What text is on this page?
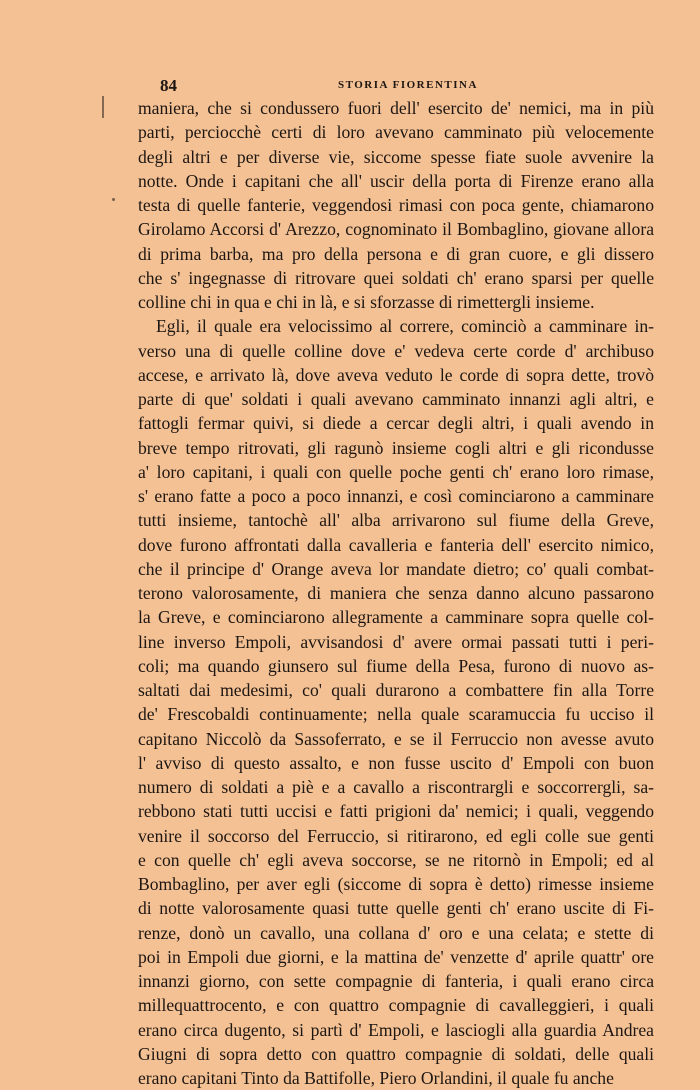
84	STORIA FIORENTINA
maniera, che si condussero fuori dell' esercito de' nemici, ma in più
parti, perciocchè certi di loro avevano camminato più velocemente
degli altri e per diverse vie, siccome spesse fiate suole avvenire la
notte. Onde i capitani che all' uscir della porta di Firenze erano alla
testa di quelle fanterie, veggendosi rimasi con poca gente, chiamarono
Girolamo Accorsi d' Arezzo, cognominato il Bombaglino, giovane allora
di prima barba, ma pro della persona e di gran cuore, e gli dissero
che s' ingegnasse di ritrovare quei soldati ch' erano sparsi per quelle
colline chi in qua e chi in là, e si sforzasse di rimettergli insieme.
Egli, il quale era velocissimo al correre, cominciò a camminare in-
verso una di quelle colline dove e' vedeva certe corde d' archibuso
accese, e arrivato là, dove aveva veduto le corde di sopra dette, trovò
parte di que' soldati i quali avevano camminato innanzi agli altri, e
fattogli fermar quivi, si diede a cercar degli altri, i quali avendo in
breve tempo ritrovati, gli ragunò insieme cogli altri e gli ricondusse
a' loro capitani, i quali con quelle poche genti ch' erano loro rimase,
s' erano fatte a poco a poco innanzi, e così cominciarono a camminare
tutti insieme, tantochè all' alba arrivarono sul fiume della Greve,
dove furono affrontati dalla cavalleria e fanteria dell' esercito nimico,
che il principe d' Orange aveva lor mandate dietro; co' quali combat-
terono valorosamente, di maniera che senza danno alcuno passarono
la Greve, e cominciarono allegramente a camminare sopra quelle col-
line inverso Empoli, avvisandosi d' avere ormai passati tutti i peri-
coli; ma quando giunsero sul fiume della Pesa, furono di nuovo as-
saltati dai medesimi, co' quali durarono a combattere fin alla Torre
de' Frescobaldi continuamente; nella quale scaramuccia fu ucciso il
capitano Niccolò da Sassoferrato, e se il Ferruccio non avesse avuto
l' avviso di questo assalto, e non fusse uscito d' Empoli con buon
numero di soldati a piè e a cavallo a riscontrargli e soccorrergli, sa-
rebbono stati tutti uccisi e fatti prigioni da' nemici; i quali, veggendo
venire il soccorso del Ferruccio, si ritirarono, ed egli colle sue genti
e con quelle ch' egli aveva soccorse, se ne ritornò in Empoli; ed al
Bombaglino, per aver egli (siccome di sopra è detto) rimesse insieme
di notte valorosamente quasi tutte quelle genti ch' erano uscite di Fi-
renze, donò un cavallo, una collana d' oro e una celata; e stette di
poi in Empoli due giorni, e la mattina de' venzette d' aprile quattr' ore
innanzi giorno, con sette compagnie di fanteria, i quali erano circa
millequattrocento, e con quattro compagnie di cavalleggieri, i quali
erano circa dugento, si partì d' Empoli, e lasciogli alla guardia Andrea
Giugni di sopra detto con quattro compagnie di soldati, delle quali
erano capitani Tinto da Battifolle, Piero Orlandini, il quale fu anche
